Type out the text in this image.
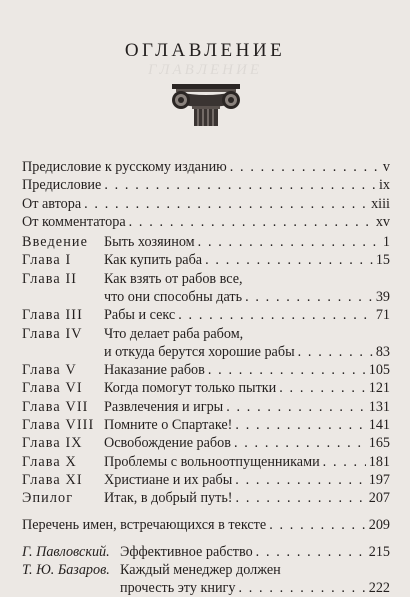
ОГЛАВЛЕНИЕ
ГЛАВЛЕНИЕ
Предисловие к русскому изданию . . .	v
Предисловие . . .	ix
От автора . . .	xiii
От комментатора . . .	xv
Введение Быть хозяином . . .	1
Глава I Как купить раба . . .	15
Глава II Как взять от рабов все,
что они способны дать . . .	39
Глава III Рабы и секс . . .	71
Глава IV Что делает раба рабом,
и откуда берутся хорошие рабы . . .	83
Глава V Наказание рабов . . .	105
Глава VI Когда помогут только пытки . . .	121
Глава VII Развлечения и игры . . .	131
Глава VIII Помните о Спартаке! . . .	141
Глава IX Освобождение рабов . . .	165
Глава X Проблемы с вольноотпущенниками . . .	181
Глава XI Христиане и их рабы . . .	197
Эпилог Итак, в добрый путь! . . .	207
Перечень имен, встречающихся в тексте . . .	209
Г. Павловский. Эффективное рабство . . .	215
Т. Ю. Базаров. Каждый менеджер должен
прочесть эту книгу . . .	222
